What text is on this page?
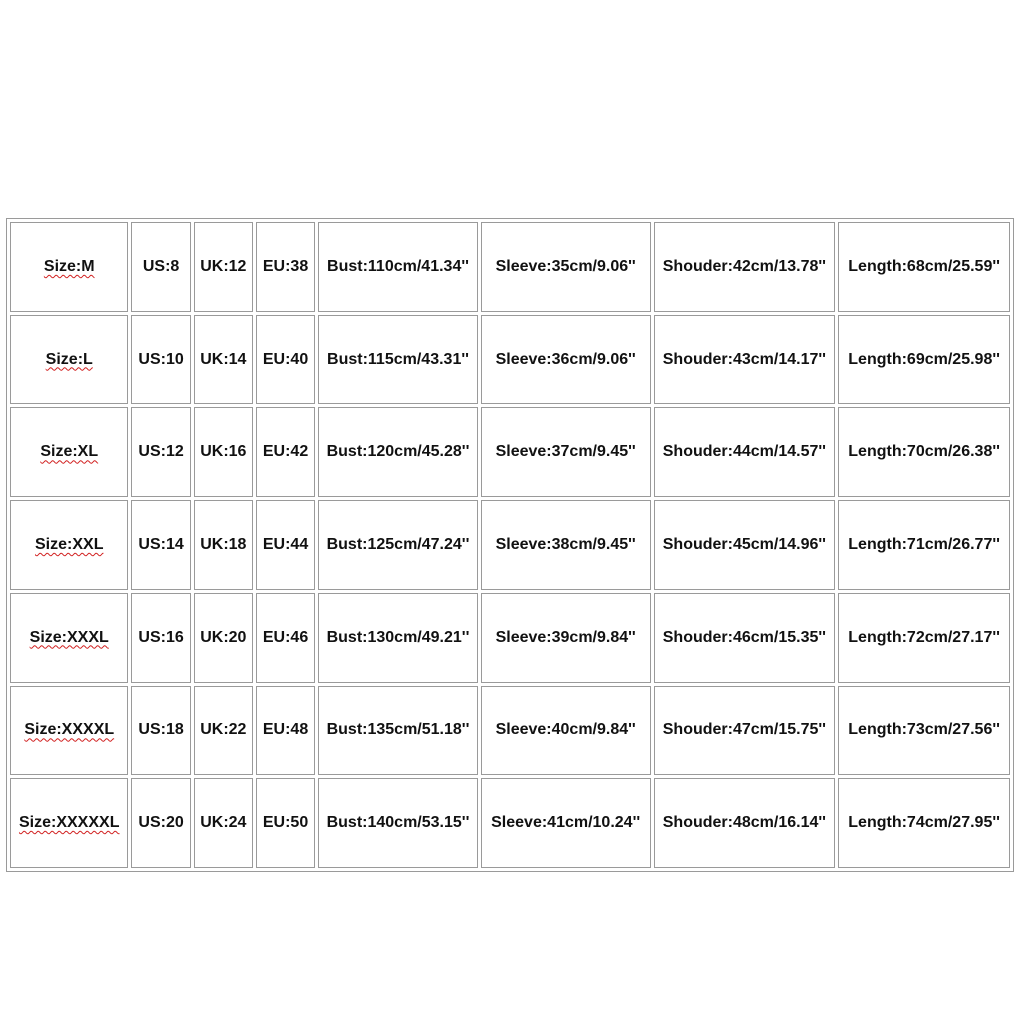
Size:M	US:8	UK:12	EU:38	Bust:110cm/41.34''	Sleeve:35cm/9.06''	Shouder:42cm/13.78''	Length:68cm/25.59''
Size:L	US:10	UK:14	EU:40	Bust:115cm/43.31''	Sleeve:36cm/9.06''	Shouder:43cm/14.17''	Length:69cm/25.98''
Size:XL	US:12	UK:16	EU:42	Bust:120cm/45.28''	Sleeve:37cm/9.45''	Shouder:44cm/14.57''	Length:70cm/26.38''
Size:XXL	US:14	UK:18	EU:44	Bust:125cm/47.24''	Sleeve:38cm/9.45''	Shouder:45cm/14.96''	Length:71cm/26.77''
Size:XXXL	US:16	UK:20	EU:46	Bust:130cm/49.21''	Sleeve:39cm/9.84''	Shouder:46cm/15.35''	Length:72cm/27.17''
Size:XXXXL	US:18	UK:22	EU:48	Bust:135cm/51.18''	Sleeve:40cm/9.84''	Shouder:47cm/15.75''	Length:73cm/27.56''
Size:XXXXXL	US:20	UK:24	EU:50	Bust:140cm/53.15''	Sleeve:41cm/10.24''	Shouder:48cm/16.14''	Length:74cm/27.95''
